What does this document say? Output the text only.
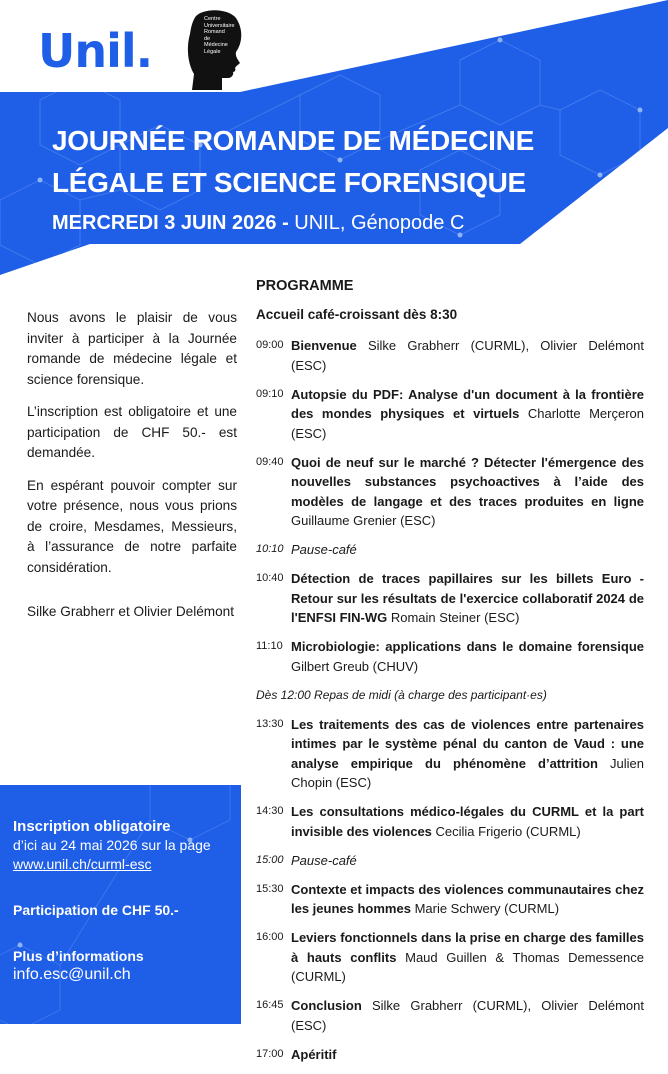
Unil.
Centre
Universitaire
Romand
de
Médecine
Légale
JOURNÉE ROMANDE DE MÉDECINE
LÉGALE ET SCIENCE FORENSIQUE
MERCREDI 3 JUIN 2026 - UNIL, Génopode C

Nous avons le plaisir de vous inviter à participer à la Journée romande de médecine légale et science forensique.

L’inscription est obligatoire et une participation de CHF 50.- est demandée.

En espérant pouvoir compter sur votre présence, nous vous prions de croire, Mesdames, Messieurs, à l’assurance de notre parfaite considération.

Silke Grabherr et Olivier Delémont

Inscription obligatoire

d’ici au 24 mai 2026 sur la page

www.unil.ch/curml-esc

Participation de CHF 50.-

Plus d’informations

info.esc@unil.ch

PROGRAMME

Accueil café-croissant dès 8:30

09:00 Bienvenue Silke Grabherr (CURML), Olivier Delémont (ESC)
09:10 Autopsie du PDF: Analyse d'un document à la frontière des mondes physiques et virtuels Charlotte Merçeron (ESC)
09:40 Quoi de neuf sur le marché ? Détecter l'émergence des nouvelles substances psychoactives à l’aide des modèles de langage et des traces produites en ligne Guillaume Grenier (ESC)
10:10 Pause-café
10:40 Détection de traces papillaires sur les billets Euro - Retour sur les résultats de l'exercice collaboratif 2024 de l'ENFSI FIN-WG Romain Steiner (ESC)
11:10 Microbiologie: applications dans le domaine forensique Gilbert Greub (CHUV)
Dès 12:00 Repas de midi (à charge des participant·es)
13:30 Les traitements des cas de violences entre partenaires intimes par le système pénal du canton de Vaud : une analyse empirique du phénomène d’attrition Julien Chopin (ESC)
14:30 Les consultations médico-légales du CURML et la part invisible des violences Cecilia Frigerio (CURML)
15:00 Pause-café
15:30 Contexte et impacts des violences communautaires chez les jeunes hommes Marie Schwery (CURML)
16:00 Leviers fonctionnels dans la prise en charge des familles à hauts conflits Maud Guillen & Thomas Demessence (CURML)
16:45 Conclusion Silke Grabherr (CURML), Olivier Delémont (ESC)
17:00 Apéritif
